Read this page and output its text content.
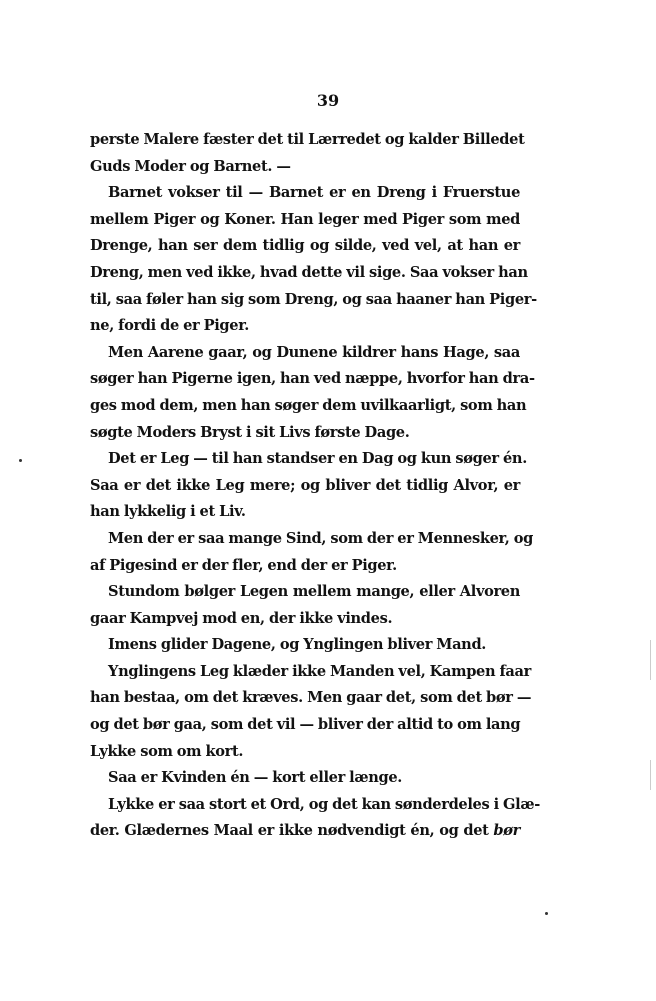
39
perste Malere fæster det til Lærredet og kalder Billedet
Guds Moder og Barnet. —
Barnet vokser til — Barnet er en Dreng i Fruerstue
mellem Piger og Koner. Han leger med Piger som med
Drenge, han ser dem tidlig og silde, ved vel, at han er
Dreng, men ved ikke, hvad dette vil sige. Saa vokser han
til, saa føler han sig som Dreng, og saa haaner han Piger-
ne, fordi de er Piger.
Men Aarene gaar, og Dunene kildrer hans Hage, saa
søger han Pigerne igen, han ved næppe, hvorfor han dra-
ges mod dem, men han søger dem uvilkaarligt, som han
søgte Moders Bryst i sit Livs første Dage.
Det er Leg — til han standser en Dag og kun søger én.
Saa er det ikke Leg mere; og bliver det tidlig Alvor, er
han lykkelig i et Liv.
Men der er saa mange Sind, som der er Mennesker, og
af Pigesind er der fler, end der er Piger.
Stundom bølger Legen mellem mange, eller Alvoren
gaar Kampvej mod en, der ikke vindes.
Imens glider Dagene, og Ynglingen bliver Mand.
Ynglingens Leg klæder ikke Manden vel, Kampen faar
han bestaa, om det kræves. Men gaar det, som det bør —
og det bør gaa, som det vil — bliver der altid to om lang
Lykke som om kort.
Saa er Kvinden én — kort eller længe.
Lykke er saa stort et Ord, og det kan sønderdeles i Glæ-
der. Glædernes Maal er ikke nødvendigt én, og det bør
